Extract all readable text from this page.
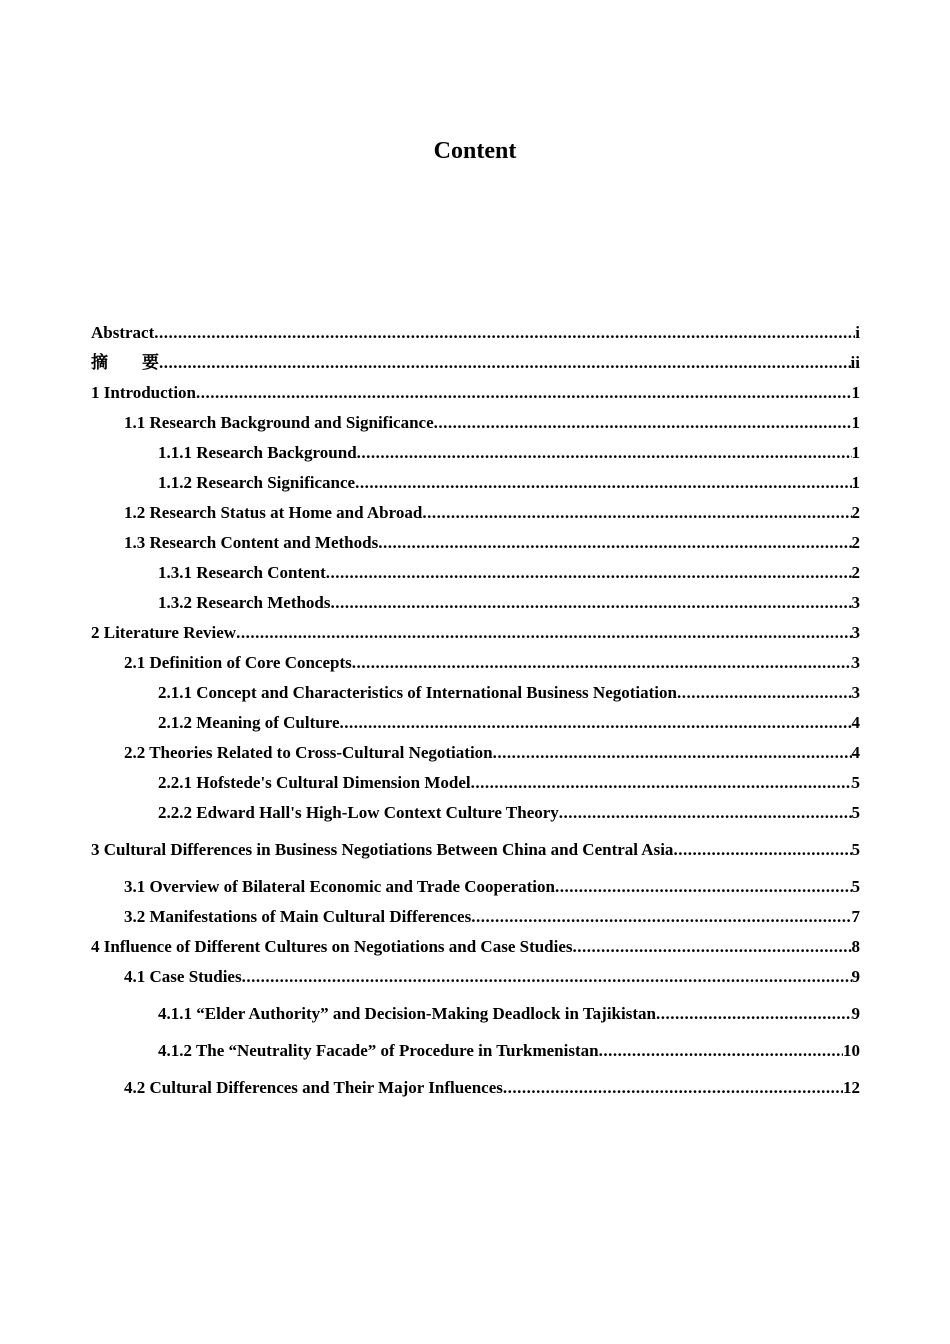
Content
Abstract .....	i
摘　　要 .....	ii
1 Introduction .....	1
1.1 Research Background and Significance .....	1
1.1.1 Research Background .....	1
1.1.2 Research Significance .....	1
1.2 Research Status at Home and Abroad .....	2
1.3 Research Content and Methods .....	2
1.3.1 Research Content .....	2
1.3.2 Research Methods .....	3
2 Literature Review .....	3
2.1 Definition of Core Concepts .....	3
2.1.1 Concept and Characteristics of International Business Negotiation .....	3
2.1.2 Meaning of Culture .....	4
2.2 Theories Related to Cross-Cultural Negotiation .....	4
2.2.1 Hofstede's Cultural Dimension Model .....	5
2.2.2 Edward Hall's High-Low Context Culture Theory .....	5
3 Cultural Differences in Business Negotiations Between China and Central Asia .....	5
3.1 Overview of Bilateral Economic and Trade Cooperation .....	5
3.2 Manifestations of Main Cultural Differences .....	7
4 Influence of Different Cultures on Negotiations and Case Studies .....	8
4.1 Case Studies .....	9
4.1.1 “Elder Authority” and Decision-Making Deadlock in Tajikistan .....	9
4.1.2 The “Neutrality Facade” of Procedure in Turkmenistan .....	10
4.2 Cultural Differences and Their Major Influences .....	12
